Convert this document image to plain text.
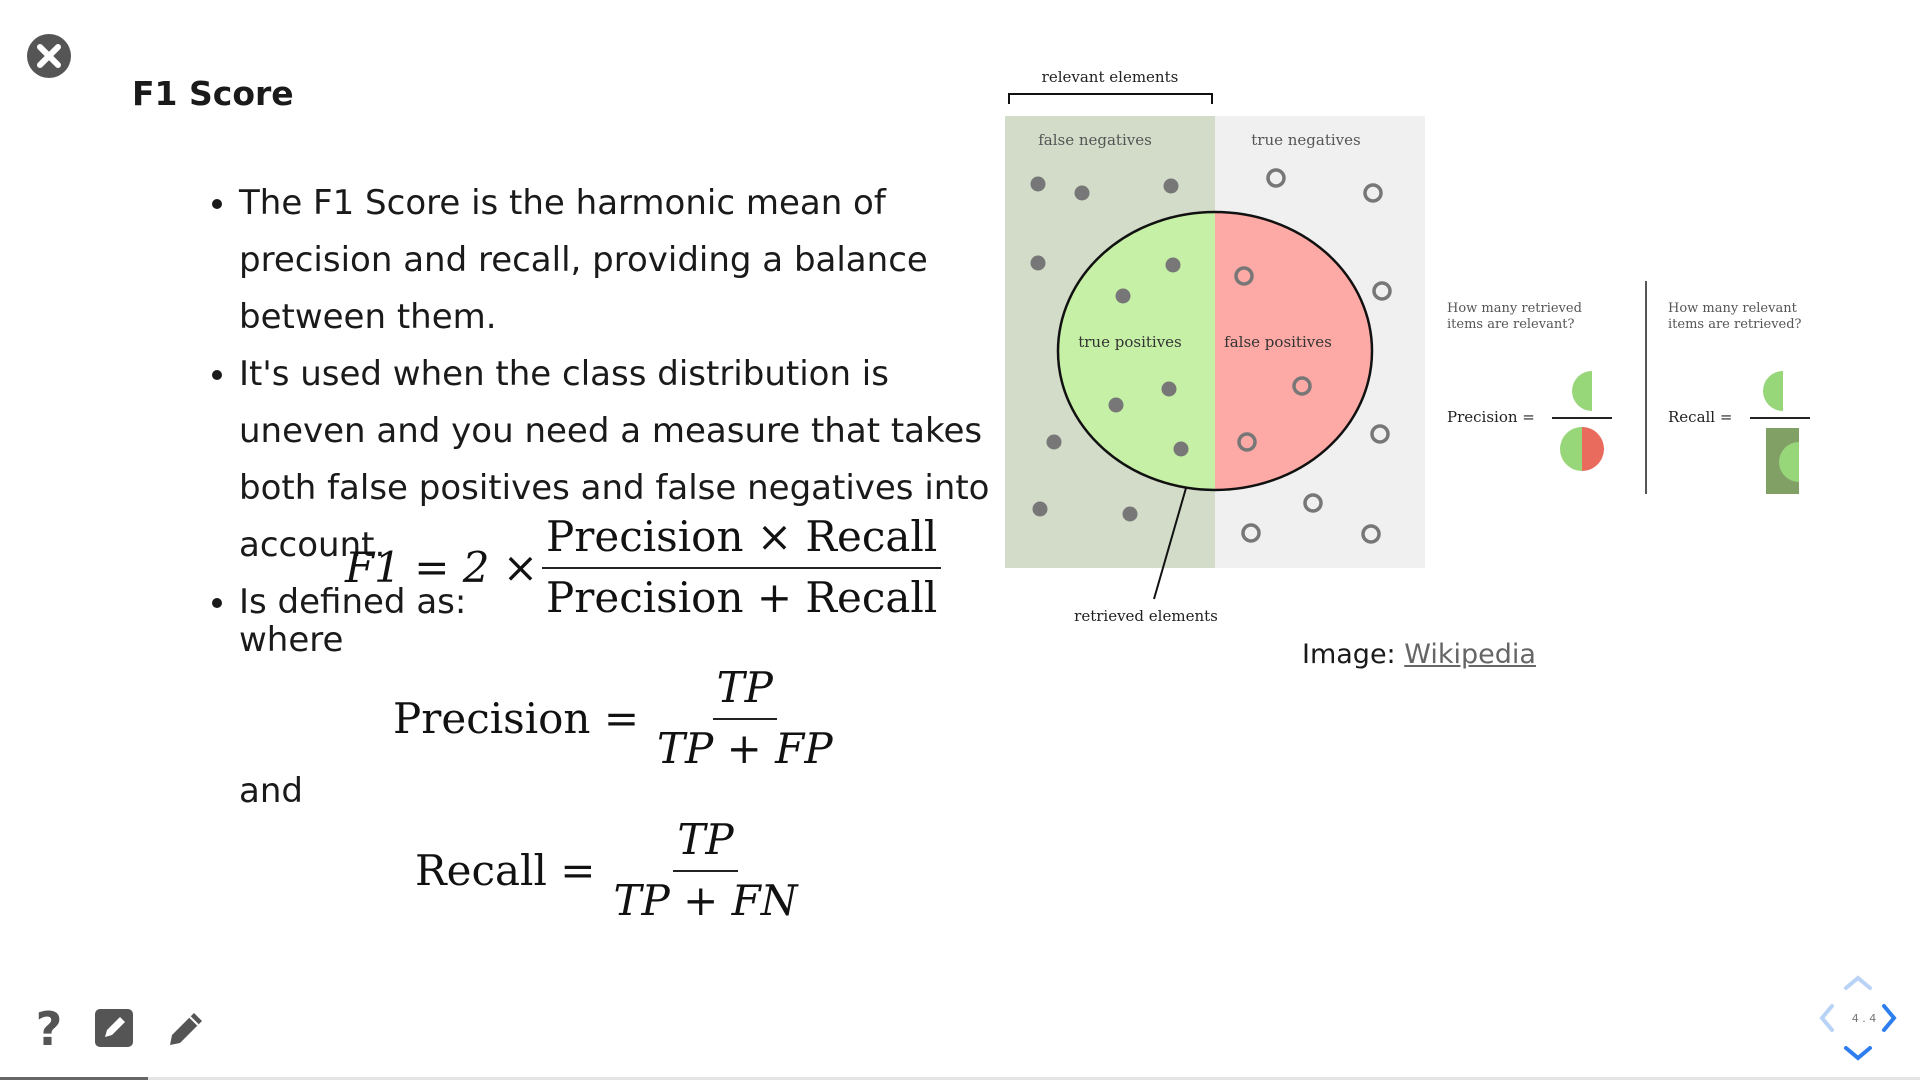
F1 Score
• The F1 Score is the harmonic mean of precision and recall, providing a balance between them.
• It's used when the class distribution is uneven and you need a measure that takes both false positives and false negatives into account.
• Is defined as:
$F1 = 2 \times \frac{\text{Precision × Recall}}{\text{Precision + Recall}}$
where
Precision = $\frac{TP}{TP + FP}$
and
Recall = $\frac{TP}{TP + FN}$
relevant elements
false negatives	true negatives
true positives	false positives
retrieved elements
How many retrieved items are relevant?
Precision =
How many relevant items are retrieved?
Recall =
Image: Wikipedia
?	4 . 4
